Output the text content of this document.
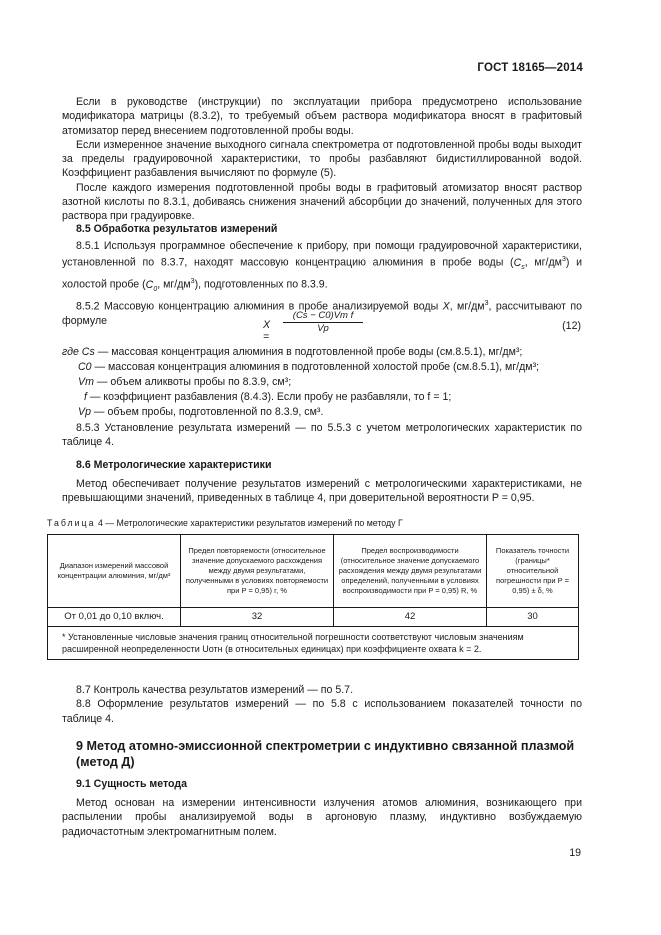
ГОСТ 18165—2014

Если в руководстве (инструкции) по эксплуатации прибора предусмотрено использование модификатора матрицы (8.3.2), то требуемый объем раствора модификатора вносят в графитовый атомизатор перед внесением подготовленной пробы воды.

Если измеренное значение выходного сигнала спектрометра от подготовленной пробы воды выходит за пределы градуировочной характеристики, то пробы разбавляют бидистиллированной водой. Коэффициент разбавления вычисляют по формуле (5).

После каждого измерения подготовленной пробы воды в графитовый атомизатор вносят раствор азотной кислоты по 8.3.1, добиваясь снижения значений абсорбции до значений, полученных для этого раствора при градуировке.

8.5 Обработка результатов измерений

8.5.1 Используя программное обеспечение к прибору, при помощи градуировочной характеристики, установленной по 8.3.7, находят массовую концентрацию алюминия в пробе воды ($C_s$, $мг/дм^3$) и холостой пробе ($C_0$, $мг/дм^3$), подготовленных по 8.3.9.

8.5.2 Массовую концентрацию алюминия в пробе анализируемой воды X, $мг/дм^3$, рассчитывают по формуле	X =
$\frac{\text{(Cs − C0)Vm f}}{Vp}$	(12)
где Cs — массовая концентрация алюминия в подготовленной пробе воды (см.8.5.1), мг/дм³;
C0 — массовая концентрация алюминия в подготовленной холостой пробе (см.8.5.1), мг/дм³;
Vm — объем аликвоты пробы по 8.3.9, см³;
f — коэффициент разбавления (8.4.3). Если пробу не разбавляли, то f = 1;
Vp — объем пробы, подготовленной по 8.3.9, см³.

8.5.3 Установление результата измерений — по 5.5.3 с учетом метрологических характеристик по таблице 4.

8.6 Метрологические характеристики

Метод обеспечивает получение результатов измерений с метрологическими характеристиками, не превышающими значений, приведенных в таблице 4, при доверительной вероятности P = 0,95.

Таблица 4 — Метрологические характеристики результатов измерений по методу Г
Диапазон измерений массовой концентрации алюминия, мг/дм³	Предел повторяемости (относительное значение допускаемого расхождения между двумя результатами, полученными в условиях повторяемости при P = 0,95) r, %	Предел воспроизводимости (относительное значение допускаемого расхождения между двумя результатами определений, полученными в условиях воспроизводимости при P = 0,95) R, %	Показатель точности (границы* относительной погрешности при P = 0,95) ± δ, %
От 0,01 до 0,10 включ.	32	42	30
* Установленные числовые значения границ относительной погрешности соответствуют числовым значениям расширенной неопределенности Uотн (в относительных единицах) при коэффициенте охвата k = 2.			

8.7 Контроль качества результатов измерений — по 5.7.

8.8 Оформление результатов измерений — по 5.8 с использованием показателей точности по таблице 4.

9 Метод атомно-эмиссионной спектрометрии с индуктивно связанной плазмой (метод Д)
9.1 Сущность метода

Метод основан на измерении интенсивности излучения атомов алюминия, возникающего при распылении пробы анализируемой воды в аргоновую плазму, индуктивно возбуждаемую радиочастотным электромагнитным полем.

19
